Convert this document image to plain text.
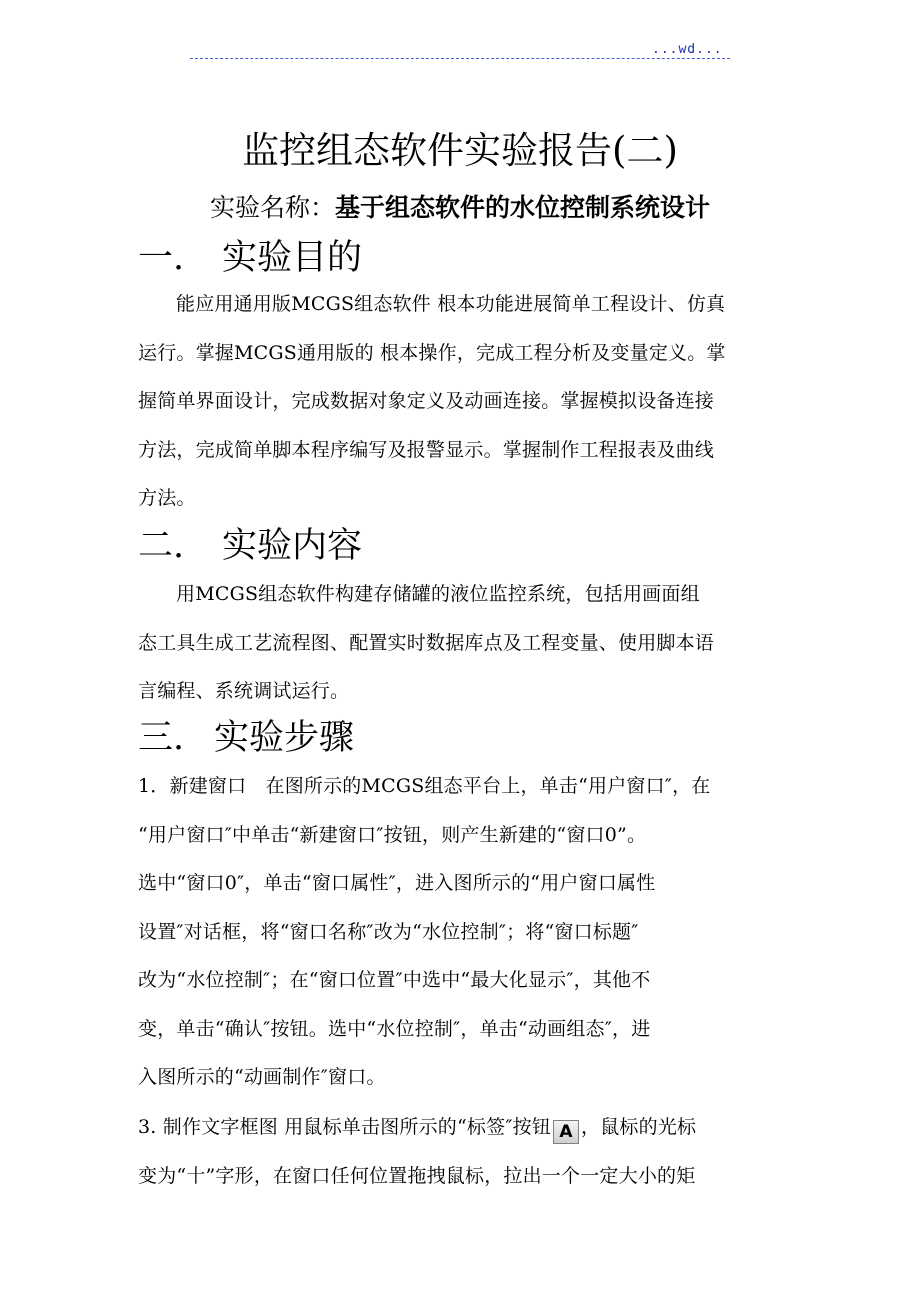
...wd...
监控组态软件实验报告(二)
实验名称：基于组态软件的水位控制系统设计
一. 实验目的

能应用通用版MCGS组态软件 根本功能进展简单工程设计、仿真

运行。掌握MCGS通用版的 根本操作，完成工程分析及变量定义。掌

握简单界面设计，完成数据对象定义及动画连接。掌握模拟设备连接

方法，完成简单脚本程序编写及报警显示。掌握制作工程报表及曲线

方法。

二. 实验内容

用MCGS组态软件构建存储罐的液位监控系统，包括用画面组

态工具生成工艺流程图、配置实时数据库点及工程变量、使用脚本语

言编程、系统调试运行。

三. 实验步骤

1．新建窗口　在图所示的MCGS组态平台上，单击“用户窗口″，在

“用户窗口″中单击“新建窗口″按钮，则产生新建的“窗口0”。

选中“窗口0″，单击“窗口属性″，进入图所示的“用户窗口属性

设置″对话框，将“窗口名称″改为“水位控制″；将“窗口标题″

改为“水位控制″；在“窗口位置″中选中“最大化显示″，其他不

变，单击“确认″按钮。选中“水位控制″，单击“动画组态″，进

入图所示的“动画制作″窗口。

3. 制作文字框图 用鼠标单击图所示的“标签″按钮 A ，鼠标的光标

变为“十”字形，在窗口任何位置拖拽鼠标，拉出一个一定大小的矩
